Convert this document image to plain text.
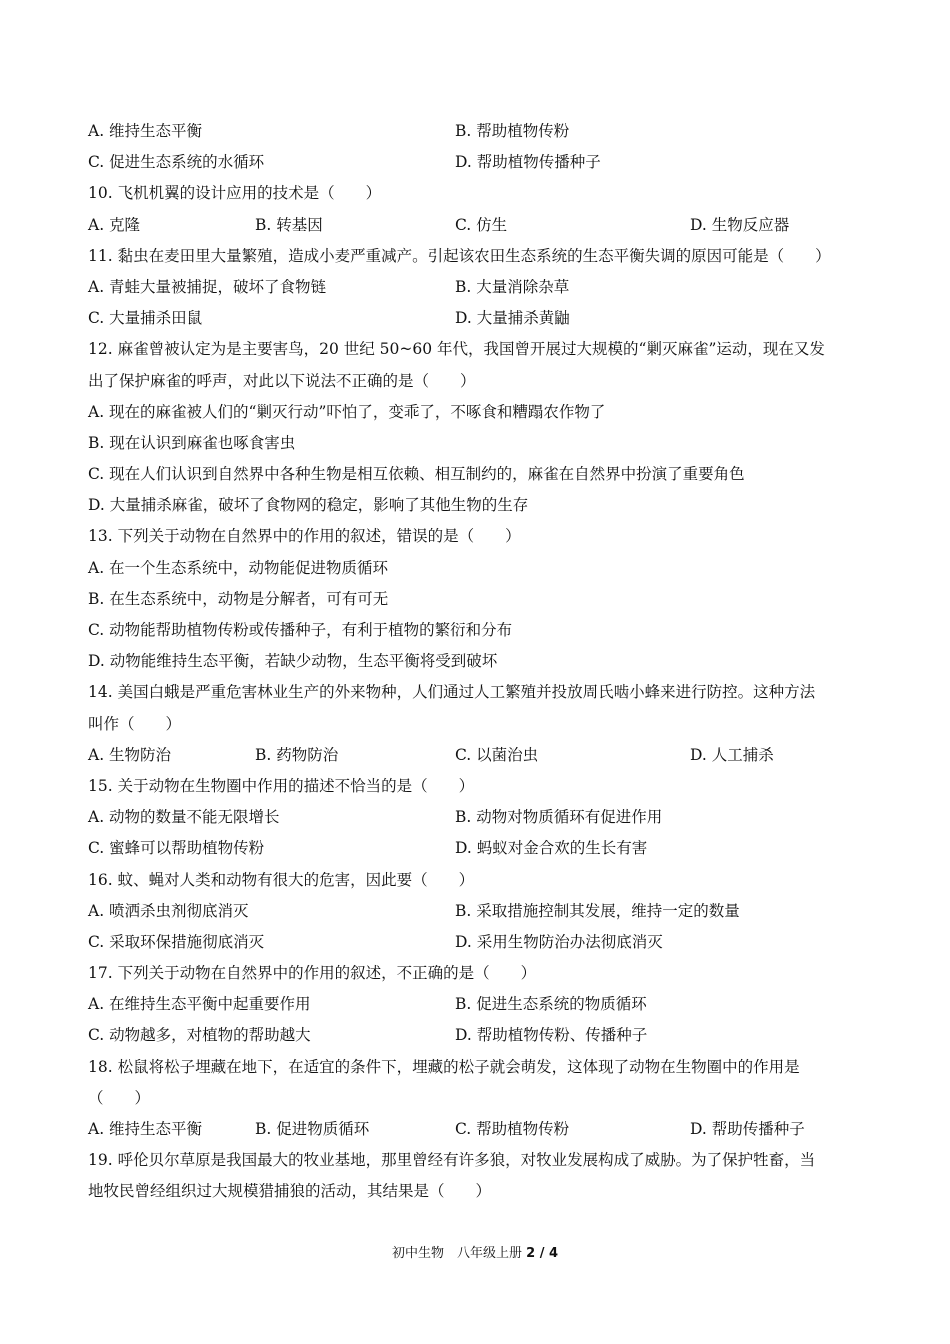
A. 维持生态平衡	B. 帮助植物传粉
C. 促进生态系统的水循环	D. 帮助植物传播种子
10. 飞机机翼的设计应用的技术是（　　）
A. 克隆	B. 转基因	C. 仿生	D. 生物反应器
11. 黏虫在麦田里大量繁殖，造成小麦严重减产。引起该农田生态系统的生态平衡失调的原因可能是（　　）
A. 青蛙大量被捕捉，破坏了食物链	B. 大量消除杂草
C. 大量捕杀田鼠	D. 大量捕杀黄鼬
12. 麻雀曾被认定为是主要害鸟，20 世纪 50~60 年代，我国曾开展过大规模的“剿灭麻雀”运动，现在又发
出了保护麻雀的呼声，对此以下说法不正确的是（　　）
A. 现在的麻雀被人们的“剿灭行动”吓怕了，变乖了，不啄食和糟蹋农作物了
B. 现在认识到麻雀也啄食害虫
C. 现在人们认识到自然界中各种生物是相互依赖、相互制约的，麻雀在自然界中扮演了重要角色
D. 大量捕杀麻雀，破坏了食物网的稳定，影响了其他生物的生存
13. 下列关于动物在自然界中的作用的叙述，错误的是（　　）
A. 在一个生态系统中，动物能促进物质循环
B. 在生态系统中，动物是分解者，可有可无
C. 动物能帮助植物传粉或传播种子，有利于植物的繁衍和分布
D. 动物能维持生态平衡，若缺少动物，生态平衡将受到破坏
14. 美国白蛾是严重危害林业生产的外来物种，人们通过人工繁殖并投放周氏啮小蜂来进行防控。这种方法
叫作（　　）
A. 生物防治	B. 药物防治	C. 以菌治虫	D. 人工捕杀
15. 关于动物在生物圈中作用的描述不恰当的是（　　）
A. 动物的数量不能无限增长	B. 动物对物质循环有促进作用
C. 蜜蜂可以帮助植物传粉	D. 蚂蚁对金合欢的生长有害
16. 蚊、蝇对人类和动物有很大的危害，因此要（　　）
A. 喷洒杀虫剂彻底消灭	B. 采取措施控制其发展，维持一定的数量
C. 采取环保措施彻底消灭	D. 采用生物防治办法彻底消灭
17. 下列关于动物在自然界中的作用的叙述，不正确的是（　　）
A. 在维持生态平衡中起重要作用	B. 促进生态系统的物质循环
C. 动物越多，对植物的帮助越大	D. 帮助植物传粉、传播种子
18. 松鼠将松子埋藏在地下，在适宜的条件下，埋藏的松子就会萌发，这体现了动物在生物圈中的作用是
（　　）
A. 维持生态平衡	B. 促进物质循环	C. 帮助植物传粉	D. 帮助传播种子
19. 呼伦贝尔草原是我国最大的牧业基地，那里曾经有许多狼，对牧业发展构成了威胁。为了保护牲畜，当
地牧民曾经组织过大规模猎捕狼的活动，其结果是（　　）
初中生物　八年级上册 2 / 4
